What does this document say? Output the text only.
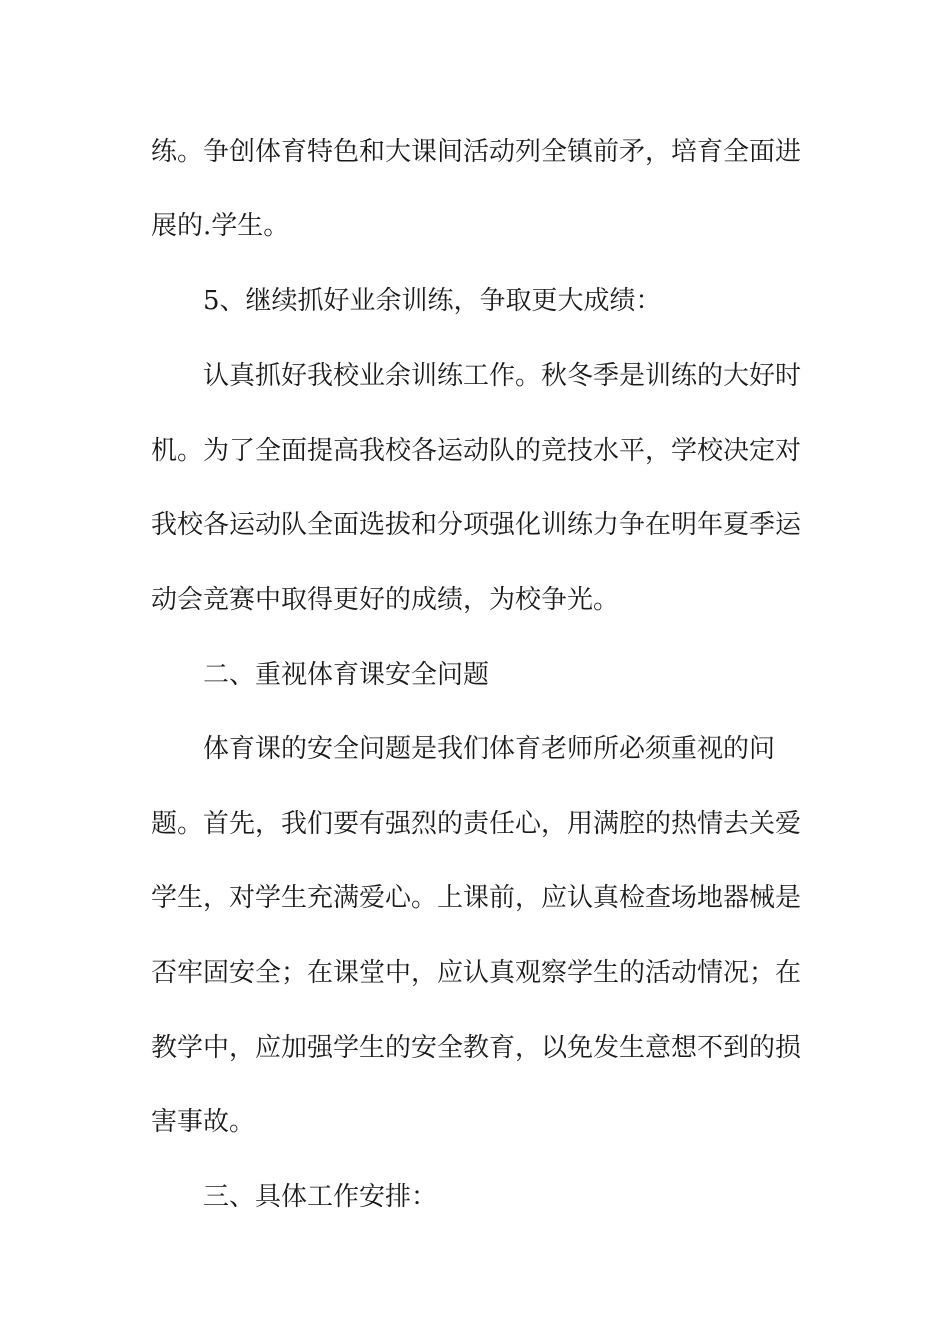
练。争创体育特色和大课间活动列全镇前矛，培育全面进
展的.学生。
5、继续抓好业余训练，争取更大成绩：
认真抓好我校业余训练工作。秋冬季是训练的大好时
机。为了全面提高我校各运动队的竞技水平，学校决定对
我校各运动队全面选拔和分项强化训练力争在明年夏季运
动会竞赛中取得更好的成绩，为校争光。
二、重视体育课安全问题
体育课的安全问题是我们体育老师所必须重视的问
题。首先，我们要有强烈的责任心，用满腔的热情去关爱
学生，对学生充满爱心。上课前，应认真检查场地器械是
否牢固安全；在课堂中，应认真观察学生的活动情况；在
教学中，应加强学生的安全教育，以免发生意想不到的损
害事故。
三、具体工作安排：
